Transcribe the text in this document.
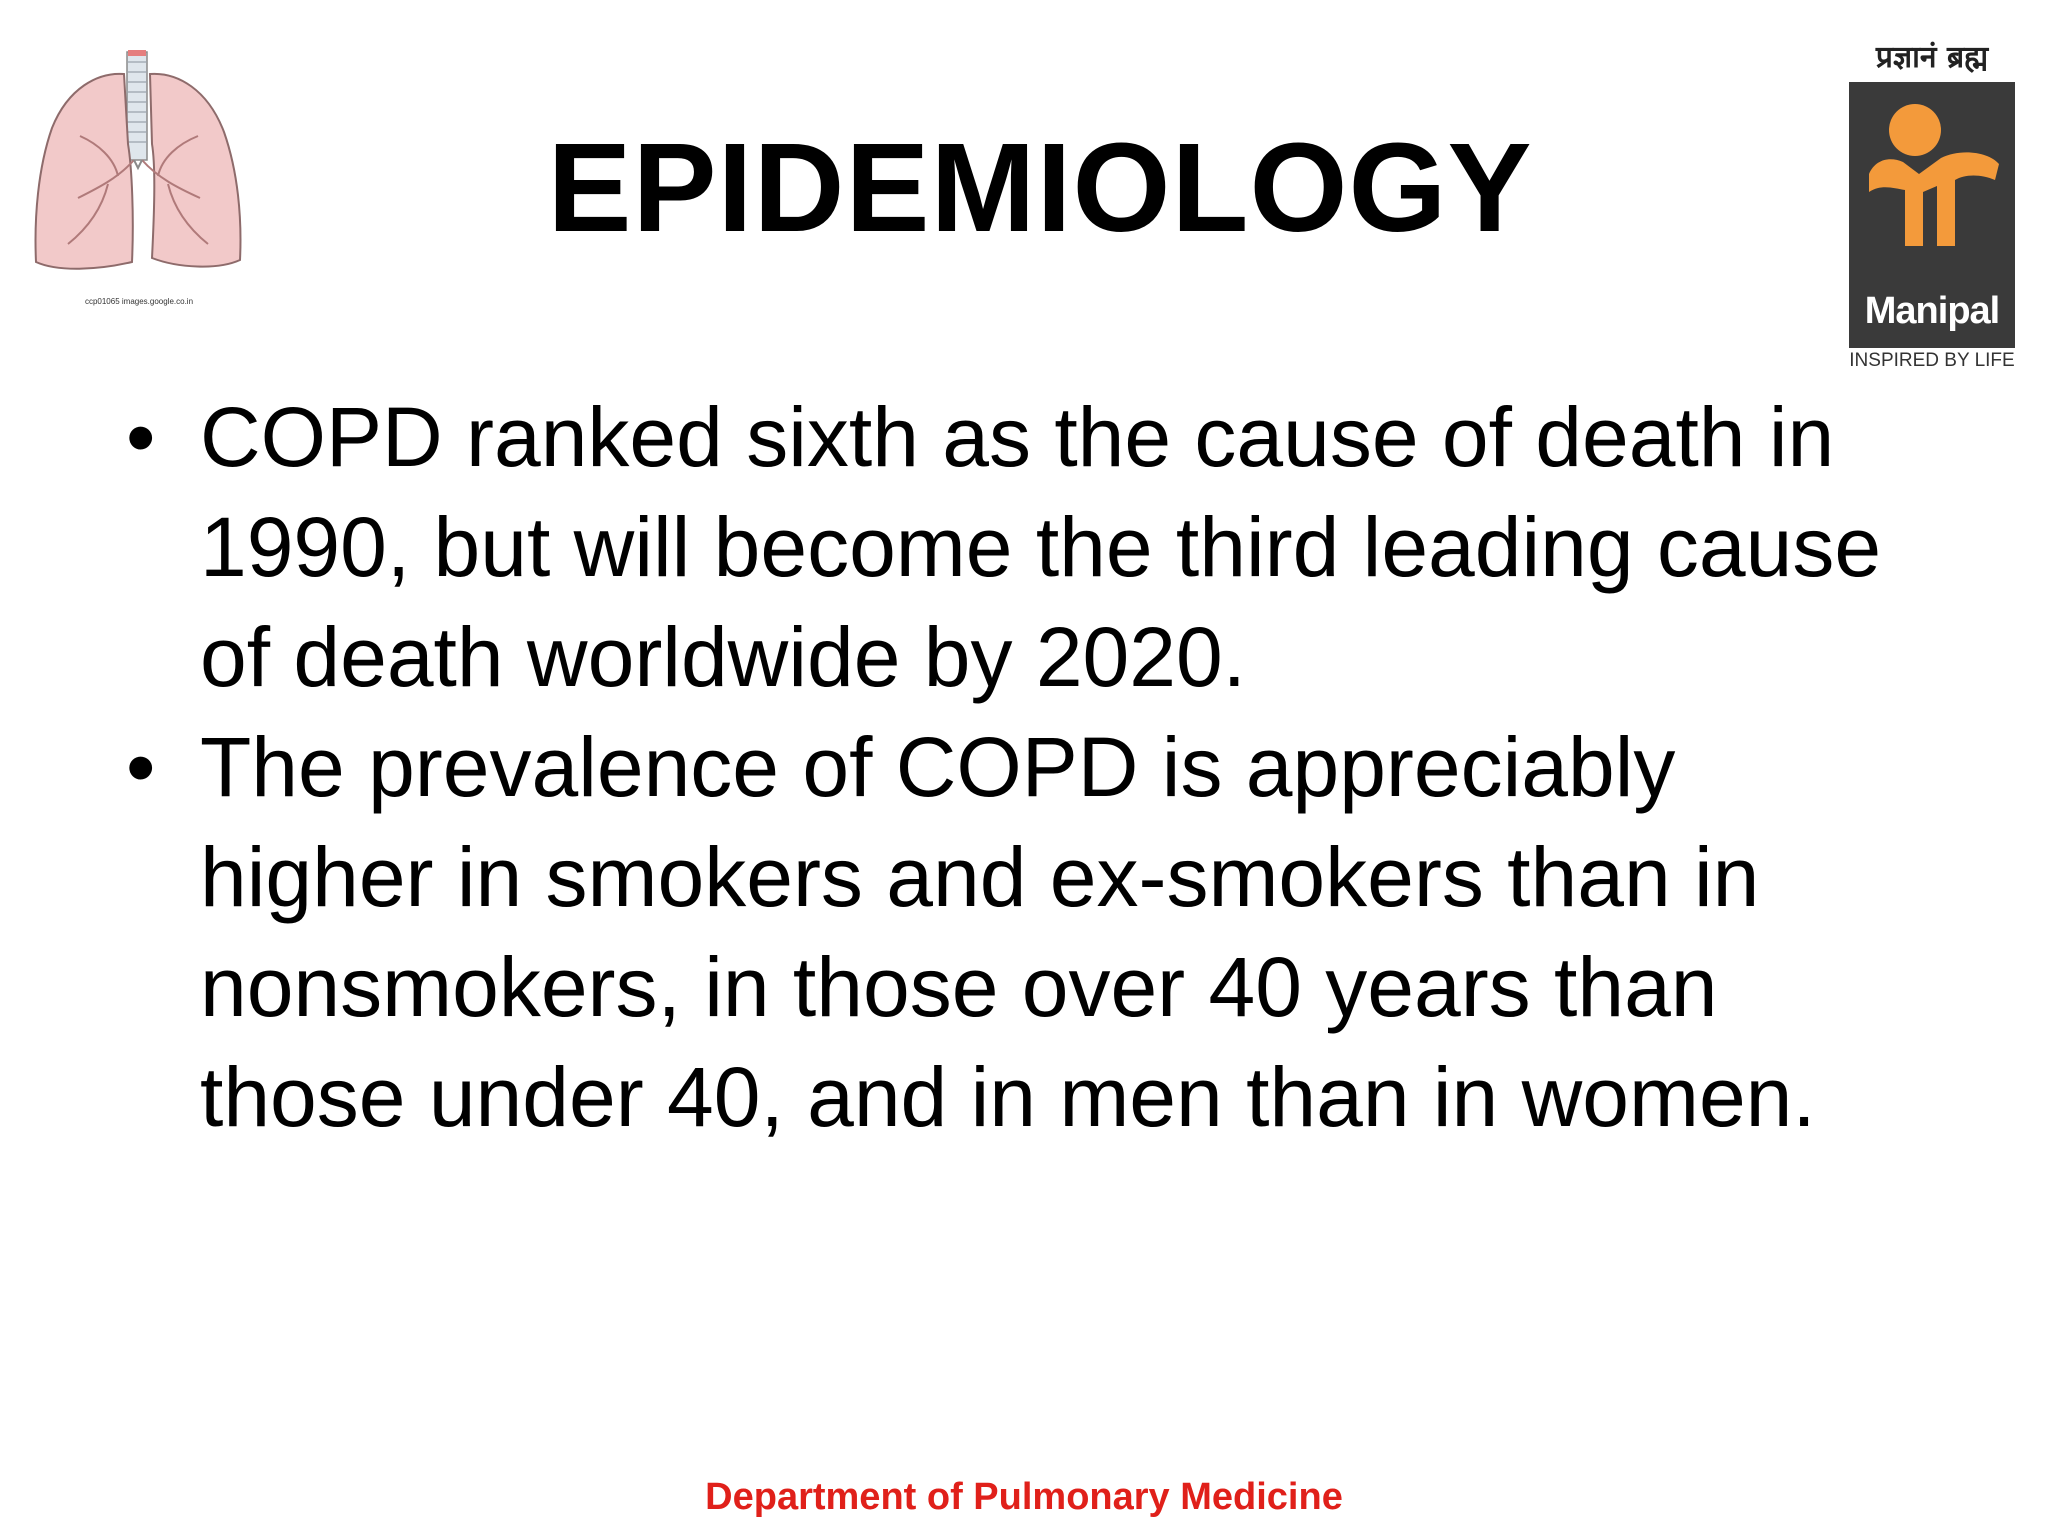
ccp01065 images.google.co.in
EPIDEMIOLOGY
प्रज्ञानं ब्रह्म
Manipal
INSPIRED BY LIFE
• COPD ranked sixth as the cause of death in 1990, but will become the third leading cause of death worldwide by 2020.
• The prevalence of COPD is appreciably higher in smokers and ex-smokers than in nonsmokers, in those over 40 years than those under 40, and in men than in women.
Department of Pulmonary Medicine
